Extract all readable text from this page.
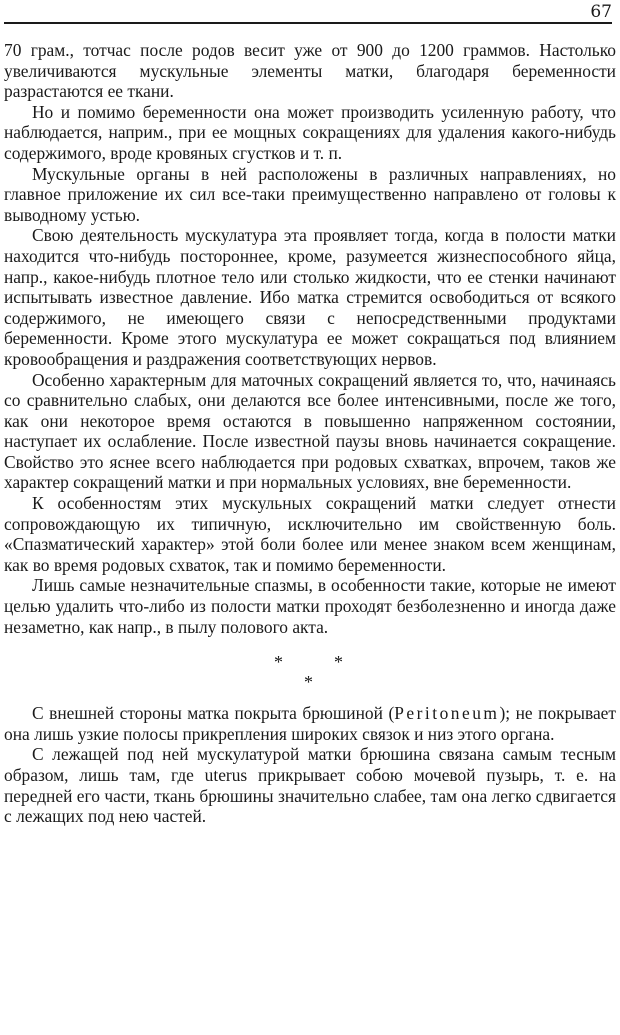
67

70 грам., тотчас после родов весит уже от 900 до 1200 граммов. Настолько увеличиваются мускульные элементы матки, благодаря беременности разрастаются ее ткани.

Но и помимо беременности она может производить усиленную работу, что наблюдается, наприм., при ее мощных сокращениях для удаления какого-нибудь содержимого, вроде кровяных сгустков и т. п.

Мускульные органы в ней расположены в различных направлениях, но главное приложение их сил все-таки преимущественно направлено от головы к выводному устью.

Свою деятельность мускулатура эта проявляет тогда, когда в полости матки находится что-нибудь постороннее, кроме, разумеется жизнеспособного яйца, напр., какое-нибудь плотное тело или столько жидкости, что ее стенки начинают испытывать известное давление. Ибо матка стремится освободиться от всякого содержимого, не имеющего связи с непосредственными продуктами беременности. Кроме этого мускулатура ее может сокращаться под влиянием кровообращения и раздражения соответствующих нервов.

Особенно характерным для маточных сокращений является то, что, начинаясь со сравнительно слабых, они делаются все более интенсивными, после же того, как они некоторое время остаются в повышенно напряженном состоянии, наступает их ослабление. После известной паузы вновь начинается сокращение. Свойство это яснее всего наблюдается при родовых схватках, впрочем, таков же характер сокращений матки и при нормальных условиях, вне беременности.

К особенностям этих мускульных сокращений матки следует отнести сопровождающую их типичную, исключительно им свойственную боль. «Спазматический характер» этой боли более или менее знаком всем женщинам, как во время родовых схваток, так и помимо беременности.

Лишь самые незначительные спазмы, в особенности такие, которые не имеют целью удалить что-либо из полости матки проходят безболезненно и иногда даже незаметно, как напр., в пылу полового акта.

*	*
*

С внешней стороны матка покрыта брюшиной (Peritoneum); не покрывает она лишь узкие полосы прикрепления широких связок и низ этого органа.

С лежащей под ней мускулатурой матки брюшина связана самым тесным образом, лишь там, где uterus прикрывает собою мочевой пузырь, т. е. на передней его части, ткань брюшины значительно слабее, там она легко сдвигается с лежащих под нею частей.
